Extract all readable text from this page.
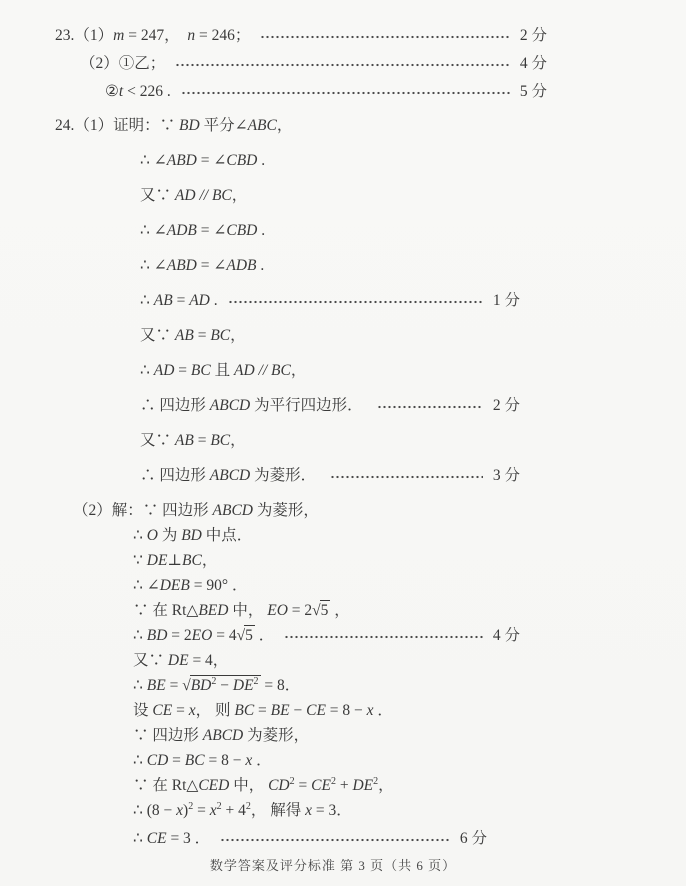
23.（1）m = 247，  n = 246；	2 分
（2）①乙；	4 分
②t < 226 .	5 分
24.（1）证明：∵ BD 平分∠ABC，
∴ ∠ABD = ∠CBD .
又∵ AD // BC，
∴ ∠ADB = ∠CBD .
∴ ∠ABD = ∠ADB .
∴ AB = AD .	1 分
又∵ AB = BC，
∴ AD = BC 且 AD // BC，
∴ 四边形 ABCD 为平行四边形．	2 分
又∵ AB = BC，
∴ 四边形 ABCD 为菱形．	3 分
（2）解：∵ 四边形 ABCD 为菱形，
∴ O 为 BD 中点．
∵ DE⊥BC，
∴ ∠DEB = 90° ．
∵ 在 Rt△BED 中， EO = 2√5 ，
∴ BD = 2EO = 4√5 ．	4 分
又∵ DE = 4，
∴ BE = $√BD^2 - DE^2 = 8$．
设 CE = x， 则 BC = BE − CE = 8 − x ．
∵ 四边形 ABCD 为菱形，
∴ CD = BC = 8 − x ．
∵ 在 Rt△CED 中， $CD^2 = CE^2 + DE^2$，
∴ $(8 - x)^2 = x^2 + 4^2$， 解得 x = 3．
∴ CE = 3 ．	6 分
数学答案及评分标准 第 3 页（共 6 页）
